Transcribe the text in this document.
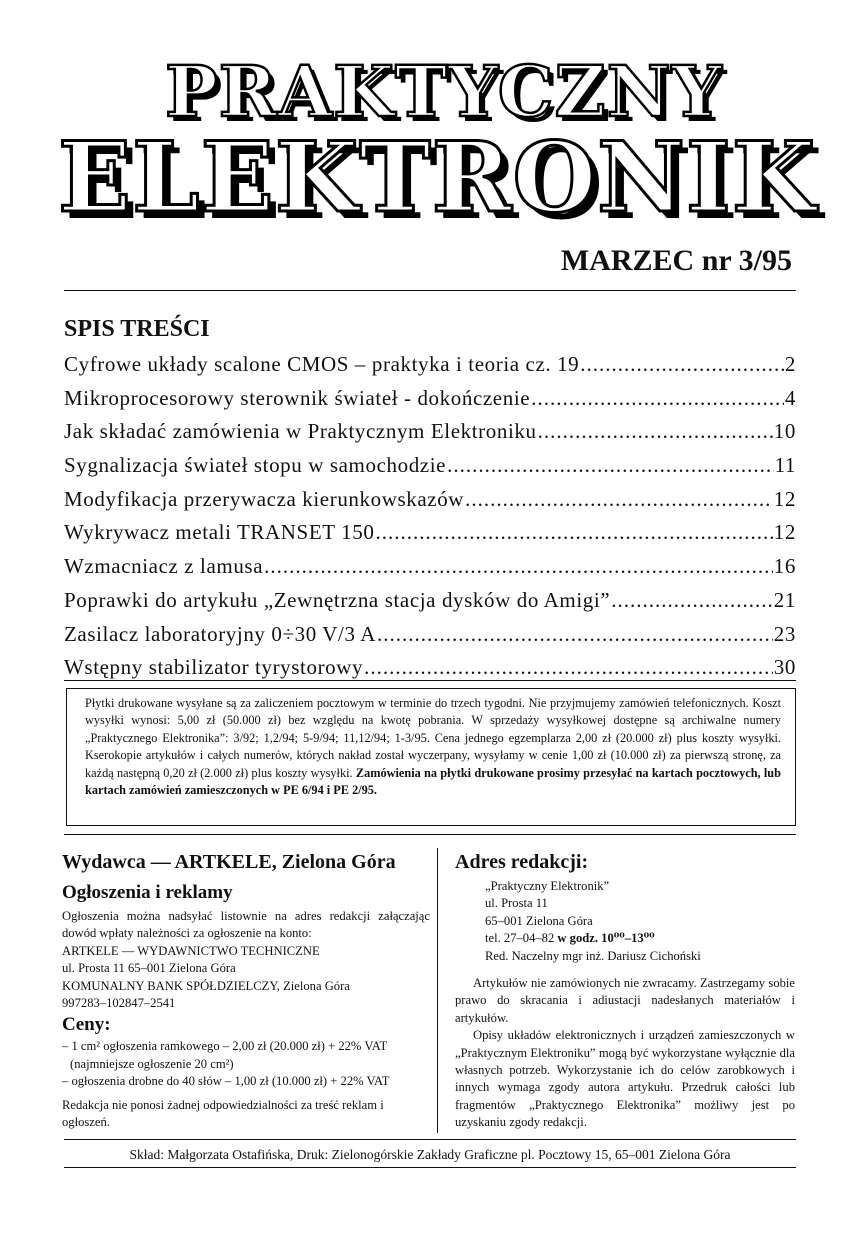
PRAKTYCZNY
ELEKTRONIK
MARZEC nr 3/95
SPIS TREŚCI
Cyfrowe układy scalone CMOS – praktyka i teoria cz. 19 .....	2
Mikroprocesorowy sterownik świateł - dokończenie .....	4
Jak składać zamówienia w Praktycznym Elektroniku .....	10
Sygnalizacja świateł stopu w samochodzie .....	11
Modyfikacja przerywacza kierunkowskazów .....	12
Wykrywacz metali TRANSET 150 .....	12
Wzmacniacz z lamusa .....	16
Poprawki do artykułu „Zewnętrzna stacja dysków do Amigi” .....	21
Zasilacz laboratoryjny 0÷30 V/3 A .....	23
Wstępny stabilizator tyrystorowy .....	30

Płytki drukowane wysyłane są za zaliczeniem pocztowym w terminie do trzech tygodni. Nie przyjmujemy zamówień telefonicznych. Koszt wysyłki wynosi: 5,00 zł (50.000 zł) bez względu na kwotę pobrania. W sprzedaży wysyłkowej dostępne są archiwalne numery „Praktycznego Elektronika”: 3/92; 1,2/94; 5-9/94; 11,12/94; 1-3/95. Cena jednego egzemplarza 2,00 zł (20.000 zł) plus koszty wysyłki. Kserokopie artykułów i całych numerów, których nakład został wyczerpany, wysyłamy w cenie 1,00 zł (10.000 zł) za pierwszą stronę, za każdą następną 0,20 zł (2.000 zł) plus koszty wysyłki. Zamówienia na płytki drukowane prosimy przesyłać na kartach pocztowych, lub kartach zamówień zamieszczonych w PE 6/94 i PE 2/95.

Wydawca — ARTKELE, Zielona Góra
Ogłoszenia i reklamy

Ogłoszenia można nadsyłać listownie na adres redakcji załączając dowód wpłaty należności za ogłoszenie na konto:

ARTKELE — WYDAWNICTWO TECHNICZNE

ul. Prosta 11 65–001 Zielona Góra

KOMUNALNY BANK SPÓŁDZIELCZY, Zielona Góra

997283–102847–2541

Ceny:

– 1 cm² ogłoszenia ramkowego – 2,00 zł (20.000 zł) + 22% VAT

(najmniejsze ogłoszenie 20 cm²)

– ogłoszenia drobne do 40 słów – 1,00 zł (10.000 zł) + 22% VAT

Redakcja nie ponosi żadnej odpowiedzialności za treść reklam i ogłoszeń.

Adres redakcji:

„Praktyczny Elektronik”

ul. Prosta 11

65–001 Zielona Góra

tel. 27–04–82 w godz. 10⁰⁰–13⁰⁰

Red. Naczelny mgr inż. Dariusz Cichoński

Artykułów nie zamówionych nie zwracamy. Zastrzegamy sobie prawo do skracania i adiustacji nadesłanych materiałów i artykułów.

Opisy układów elektronicznych i urządzeń zamieszczonych w „Praktycznym Elektroniku” mogą być wykorzystane wyłącznie dla własnych potrzeb. Wykorzystanie ich do celów zarobkowych i innych wymaga zgody autora artykułu. Przedruk całości lub fragmentów „Praktycznego Elektronika” możliwy jest po uzyskaniu zgody redakcji.

Skład: Małgorzata Ostafińska, Druk: Zielonogórskie Zakłady Graficzne pl. Pocztowy 15, 65–001 Zielona Góra
